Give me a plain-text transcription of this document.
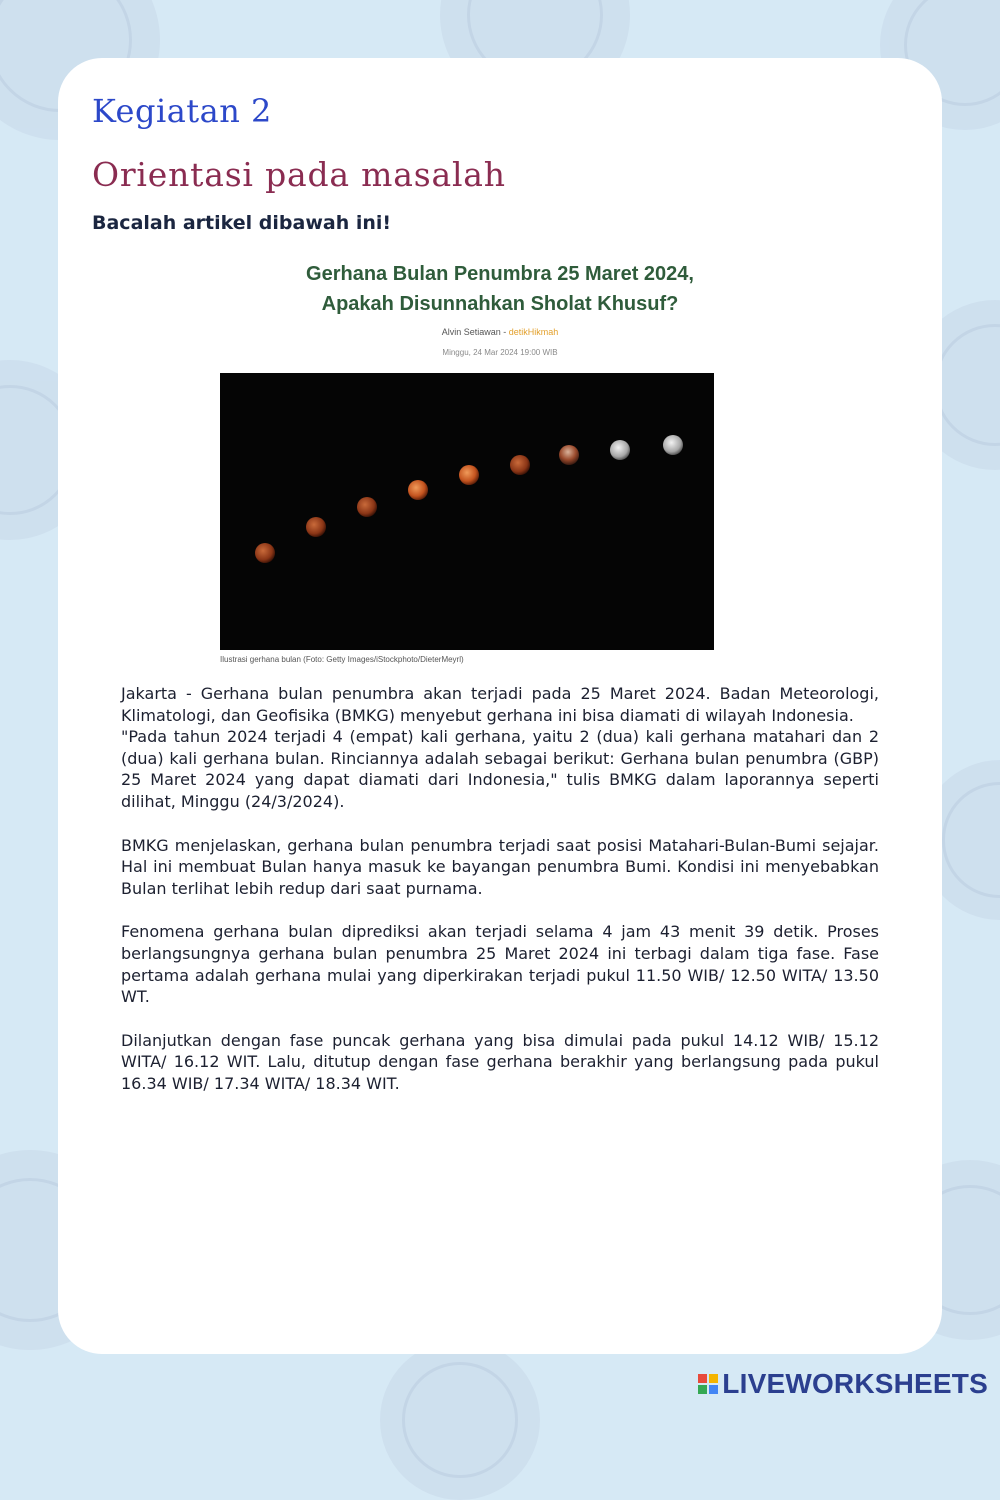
Kegiatan 2
Orientasi pada masalah

Bacalah artikel dibawah ini!

Gerhana Bulan Penumbra 25 Maret 2024,
Apakah Disunnahkan Sholat Khusuf?
Alvin Setiawan - detikHikmah
Minggu, 24 Mar 2024 19:00 WIB
Ilustrasi gerhana bulan (Foto: Getty Images/iStockphoto/DieterMeyrl)

Jakarta - Gerhana bulan penumbra akan terjadi pada 25 Maret 2024. Badan Meteorologi, Klimatologi, dan Geofisika (BMKG) menyebut gerhana ini bisa diamati di wilayah Indonesia.

"Pada tahun 2024 terjadi 4 (empat) kali gerhana, yaitu 2 (dua) kali gerhana matahari dan 2 (dua) kali gerhana bulan. Rinciannya adalah sebagai berikut: Gerhana bulan penumbra (GBP) 25 Maret 2024 yang dapat diamati dari Indonesia," tulis BMKG dalam laporannya seperti dilihat, Minggu (24/3/2024).

BMKG menjelaskan, gerhana bulan penumbra terjadi saat posisi Matahari-Bulan-Bumi sejajar. Hal ini membuat Bulan hanya masuk ke bayangan penumbra Bumi. Kondisi ini menyebabkan Bulan terlihat lebih redup dari saat purnama.

Fenomena gerhana bulan diprediksi akan terjadi selama 4 jam 43 menit 39 detik. Proses berlangsungnya gerhana bulan penumbra 25 Maret 2024 ini terbagi dalam tiga fase. Fase pertama adalah gerhana mulai yang diperkirakan terjadi pukul 11.50 WIB/ 12.50 WITA/ 13.50 WT.

Dilanjutkan dengan fase puncak gerhana yang bisa dimulai pada pukul 14.12 WIB/ 15.12 WITA/ 16.12 WIT. Lalu, ditutup dengan fase gerhana berakhir yang berlangsung pada pukul 16.34 WIB/ 17.34 WITA/ 18.34 WIT.

LIVEWORKSHEETS
